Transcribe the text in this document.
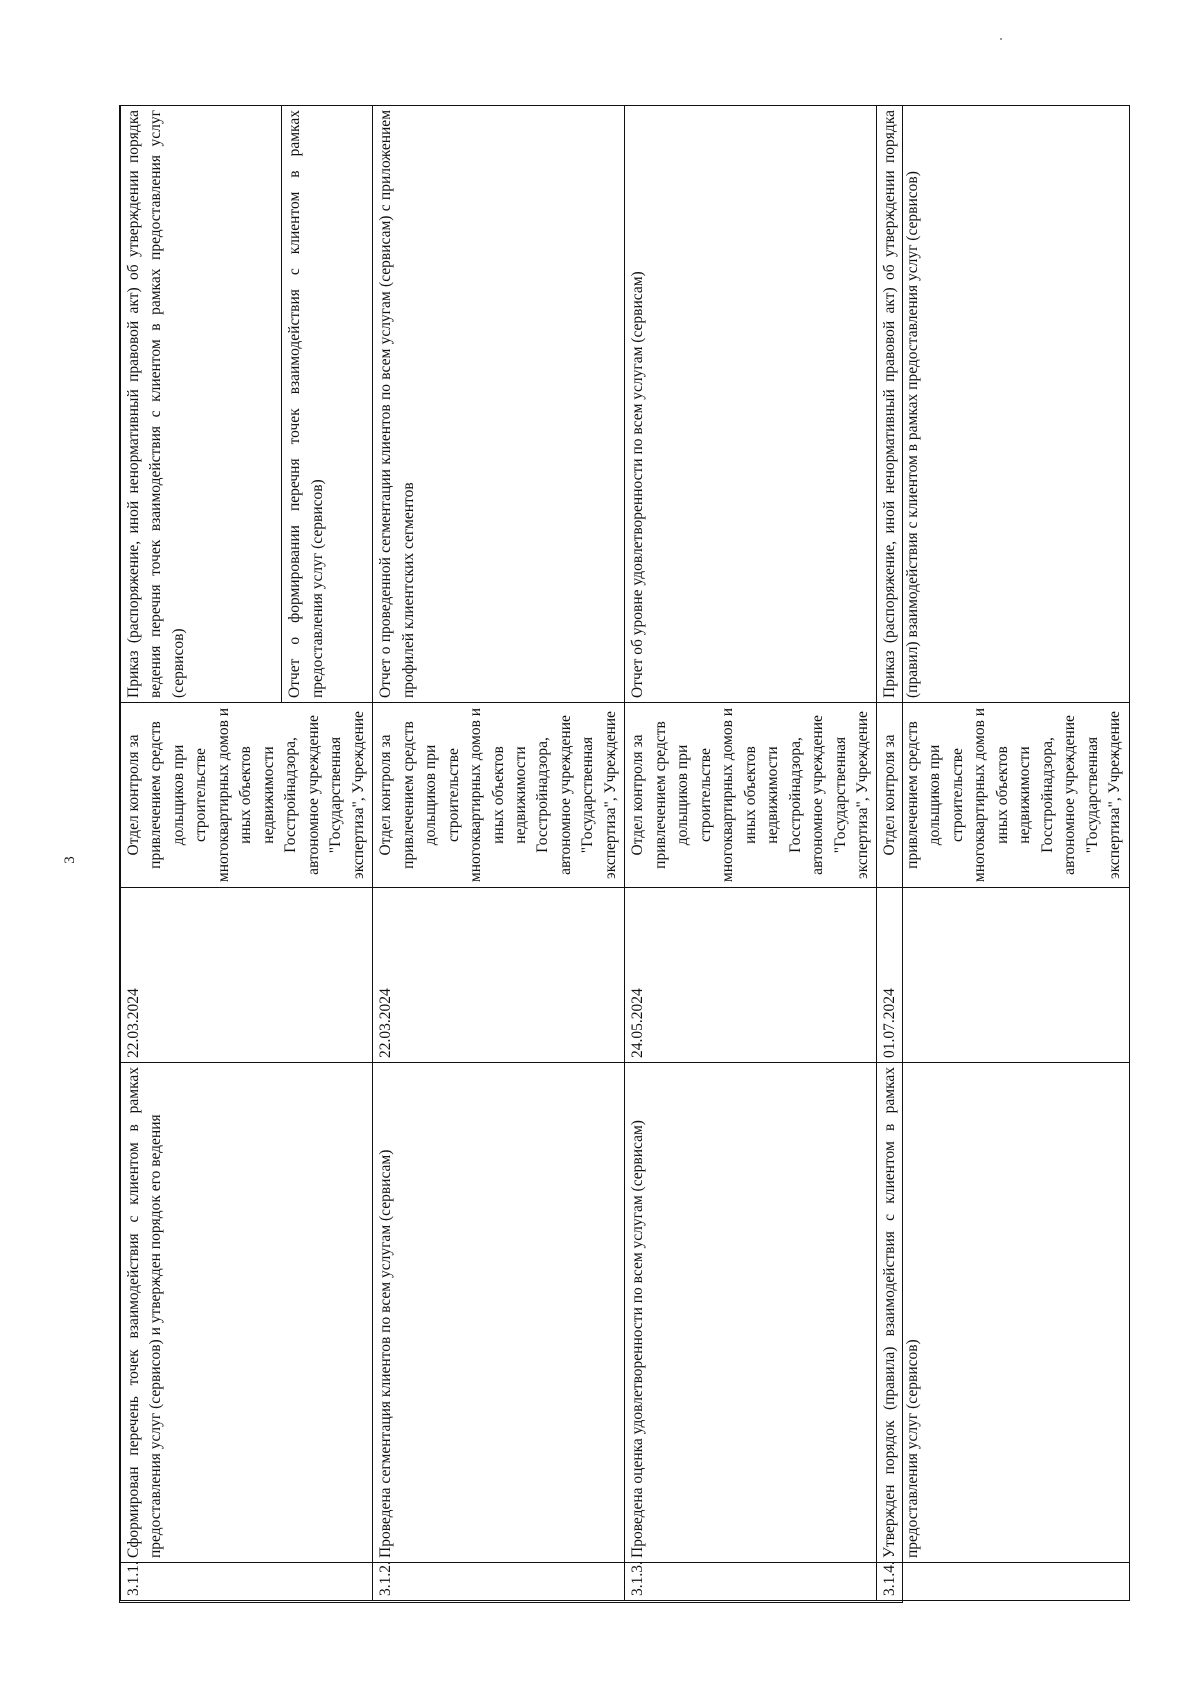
3
3.1.1.	Сформирован перечень точек взаимодействия с клиентом в рамках предоставления услуг (сервисов) и утвержден порядок его ведения	22.03.2024	Отдел контроля за привлечением средств дольщиков при строительстве многоквартирных домов и иных объектов недвижимости Госстройнадзора, автономное учреждение "Государственная экспертиза", Учреждение	Приказ (распоряжение, иной ненормативный правовой акт) об утверждении порядка ведения перечня точек взаимодействия с клиентом в рамках предоставления услуг (сервисов)
				Отчет о формировании перечня точек взаимодействия с клиентом в рамках предоставления услуг (сервисов)
3.1.2.	Проведена сегментация клиентов по всем услугам (сервисам)	22.03.2024	Отдел контроля за привлечением средств дольщиков при строительстве многоквартирных домов и иных объектов недвижимости Госстройнадзора, автономное учреждение "Государственная экспертиза", Учреждение	Отчет о проведенной сегментации клиентов по всем услугам (сервисам) с приложением профилей клиентских сегментов
3.1.3.	Проведена оценка удовлетворенности по всем услугам (сервисам)	24.05.2024	Отдел контроля за привлечением средств дольщиков при строительстве многоквартирных домов и иных объектов недвижимости Госстройнадзора, автономное учреждение "Государственная экспертиза", Учреждение	Отчет об уровне удовлетворенности по всем услугам (сервисам)
3.1.4.	Утвержден порядок (правила) взаимодействия с клиентом в рамках предоставления услуг (сервисов)	01.07.2024	Отдел контроля за привлечением средств дольщиков при строительстве многоквартирных домов и иных объектов недвижимости Госстройнадзора, автономное учреждение "Государственная экспертиза", Учреждение	Приказ (распоряжение, иной ненормативный правовой акт) об утверждении порядка (правил) взаимодействия с клиентом в рамках предоставления услуг (сервисов)
